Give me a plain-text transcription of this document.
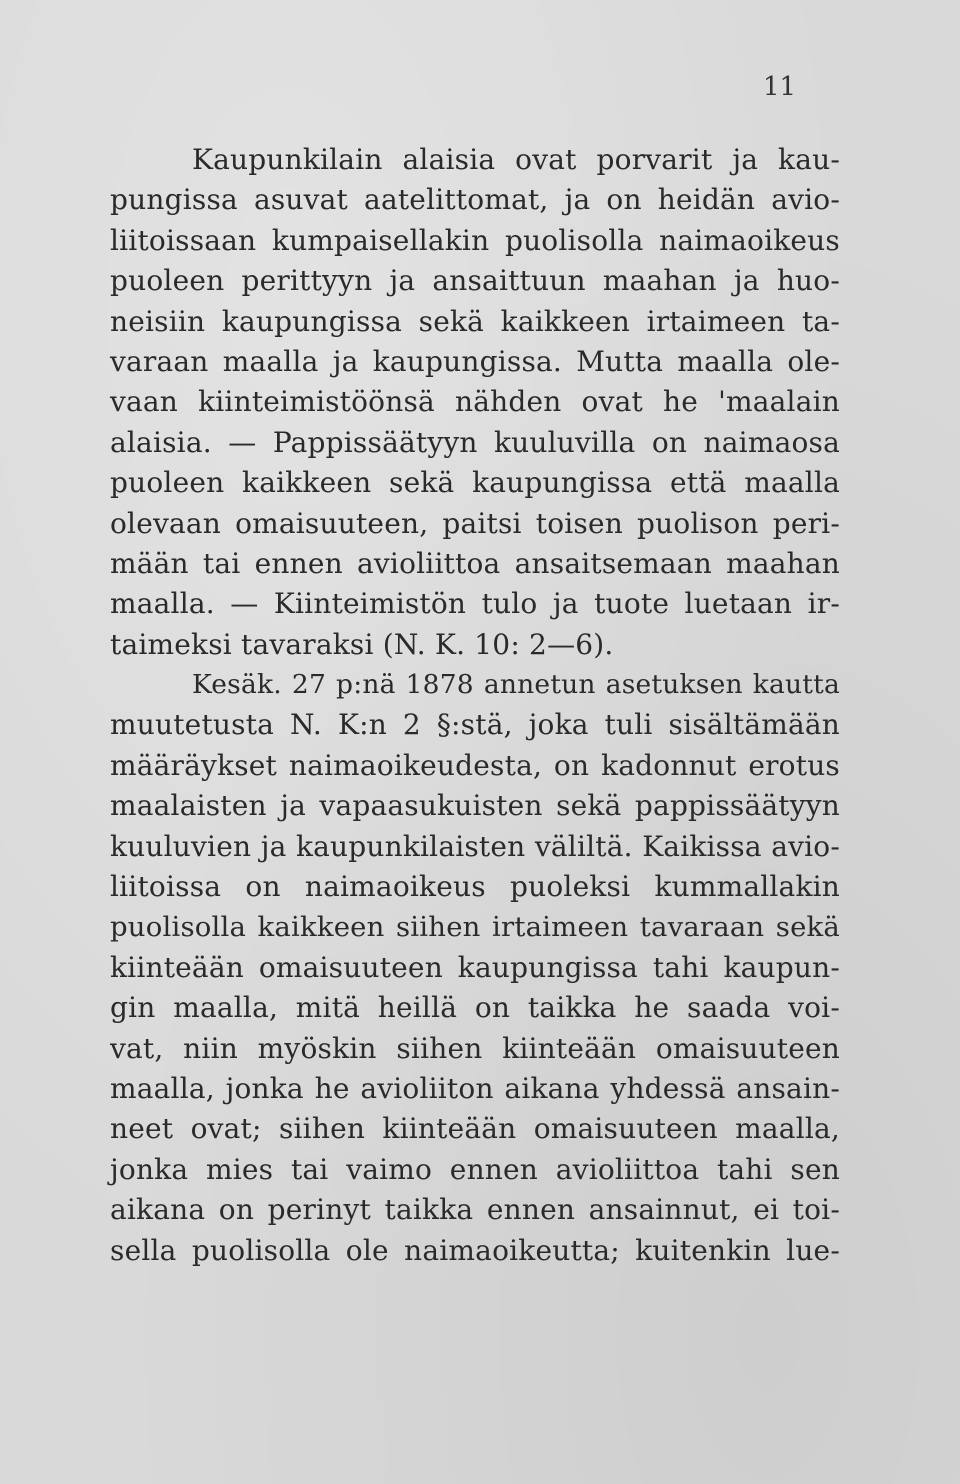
11
Kaupunkilain alaisia ovat porvarit ja kau-
pungissa asuvat aatelittomat, ja on heidän avio-
liitoissaan kumpaisellakin puolisolla naimaoikeus
puoleen perittyyn ja ansaittuun maahan ja huo-
neisiin kaupungissa sekä kaikkeen irtaimeen ta-
varaan maalla ja kaupungissa. Mutta maalla ole-
vaan kiinteimistöönsä nähden ovat he 'maalain
alaisia. — Pappissäätyyn kuuluvilla on naimaosa
puoleen kaikkeen sekä kaupungissa että maalla
olevaan omaisuuteen, paitsi toisen puolison peri-
mään tai ennen avioliittoa ansaitsemaan maahan
maalla. — Kiinteimistön tulo ja tuote luetaan ir-
taimeksi tavaraksi (N. K. 10: 2—6).
Kesäk. 27 p:nä 1878 annetun asetuksen kautta
muutetusta N. K:n 2 §:stä, joka tuli sisältämään
määräykset naimaoikeudesta, on kadonnut erotus
maalaisten ja vapaasukuisten sekä pappissäätyyn
kuuluvien ja kaupunkilaisten väliltä. Kaikissa avio-
liitoissa on naimaoikeus puoleksi kummallakin
puolisolla kaikkeen siihen irtaimeen tavaraan sekä
kiinteään omaisuuteen kaupungissa tahi kaupun-
gin maalla, mitä heillä on taikka he saada voi-
vat, niin myöskin siihen kiinteään omaisuuteen
maalla, jonka he avioliiton aikana yhdessä ansain-
neet ovat; siihen kiinteään omaisuuteen maalla,
jonka mies tai vaimo ennen avioliittoa tahi sen
aikana on perinyt taikka ennen ansainnut, ei toi-
sella puolisolla ole naimaoikeutta; kuitenkin lue-
